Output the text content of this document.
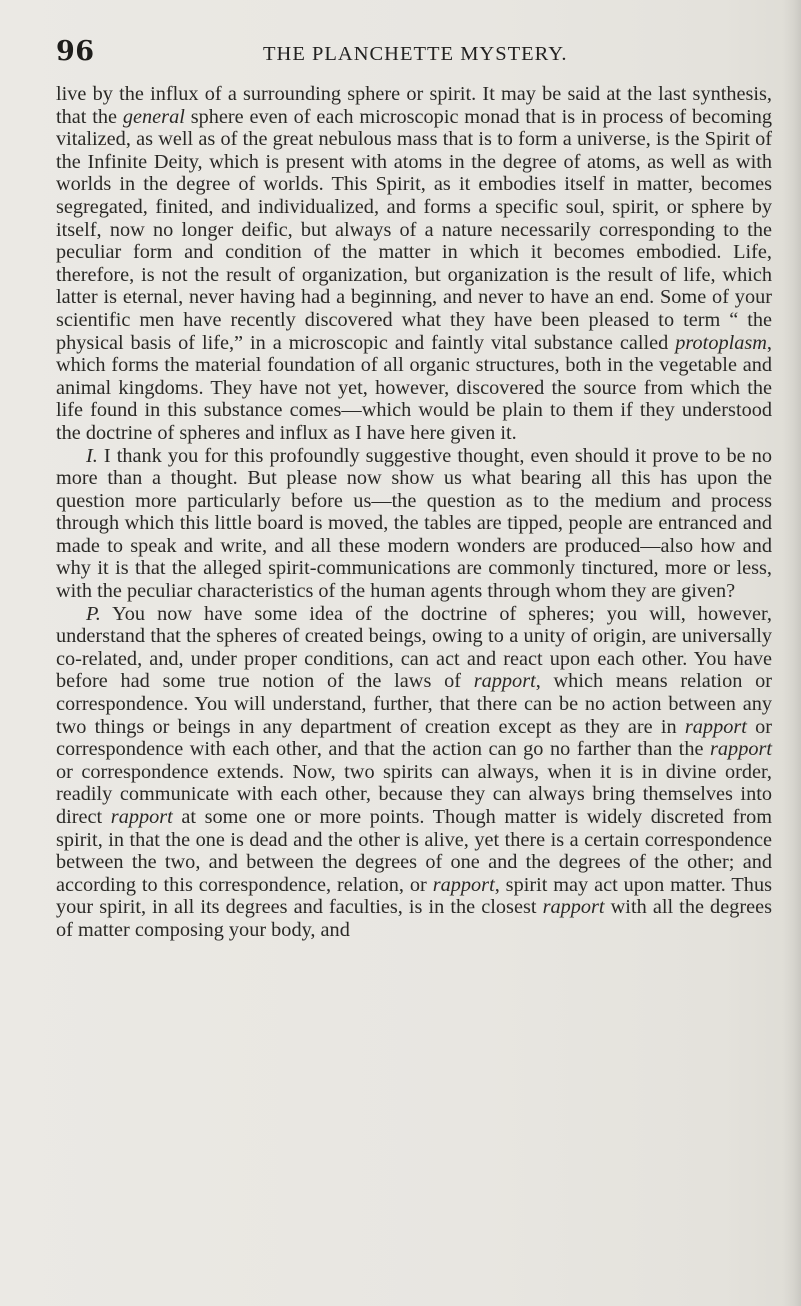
96	THE PLANCHETTE MYSTERY.

live by the influx of a surrounding sphere or spirit. It may be said at the last synthesis, that the general sphere even of each microscopic monad that is in process of becoming vitalized, as well as of the great nebulous mass that is to form a universe, is the Spirit of the Infinite Deity, which is present with atoms in the degree of atoms, as well as with worlds in the degree of worlds. This Spirit, as it embodies itself in matter, becomes segregated, finited, and individualized, and forms a specific soul, spirit, or sphere by itself, now no longer deific, but always of a nature necessarily corresponding to the peculiar form and condition of the matter in which it becomes embodied. Life, therefore, is not the result of organization, but organization is the result of life, which latter is eternal, never having had a beginning, and never to have an end. Some of your scientific men have recently discovered what they have been pleased to term “ the physical basis of life,” in a microscopic and faintly vital substance called protoplasm, which forms the material foundation of all organic structures, both in the vegetable and animal kingdoms. They have not yet, however, discovered the source from which the life found in this substance comes—which would be plain to them if they understood the doctrine of spheres and influx as I have here given it.

I. I thank you for this profoundly suggestive thought, even should it prove to be no more than a thought. But please now show us what bearing all this has upon the question more particularly before us—the question as to the medium and process through which this little board is moved, the tables are tipped, people are entranced and made to speak and write, and all these modern wonders are produced—also how and why it is that the alleged spirit-communications are commonly tinctured, more or less, with the peculiar characteristics of the human agents through whom they are given?

P. You now have some idea of the doctrine of spheres; you will, however, understand that the spheres of created beings, owing to a unity of origin, are universally co-related, and, under proper conditions, can act and react upon each other. You have before had some true notion of the laws of rapport, which means relation or correspondence. You will understand, further, that there can be no action between any two things or beings in any department of creation except as they are in rapport or correspondence with each other, and that the action can go no farther than the rapport or correspondence extends. Now, two spirits can always, when it is in divine order, readily communicate with each other, because they can always bring themselves into direct rapport at some one or more points. Though matter is widely discreted from spirit, in that the one is dead and the other is alive, yet there is a certain correspondence between the two, and between the degrees of one and the degrees of the other; and according to this correspondence, relation, or rapport, spirit may act upon matter. Thus your spirit, in all its degrees and faculties, is in the closest rapport with all the degrees of matter composing your body, and
